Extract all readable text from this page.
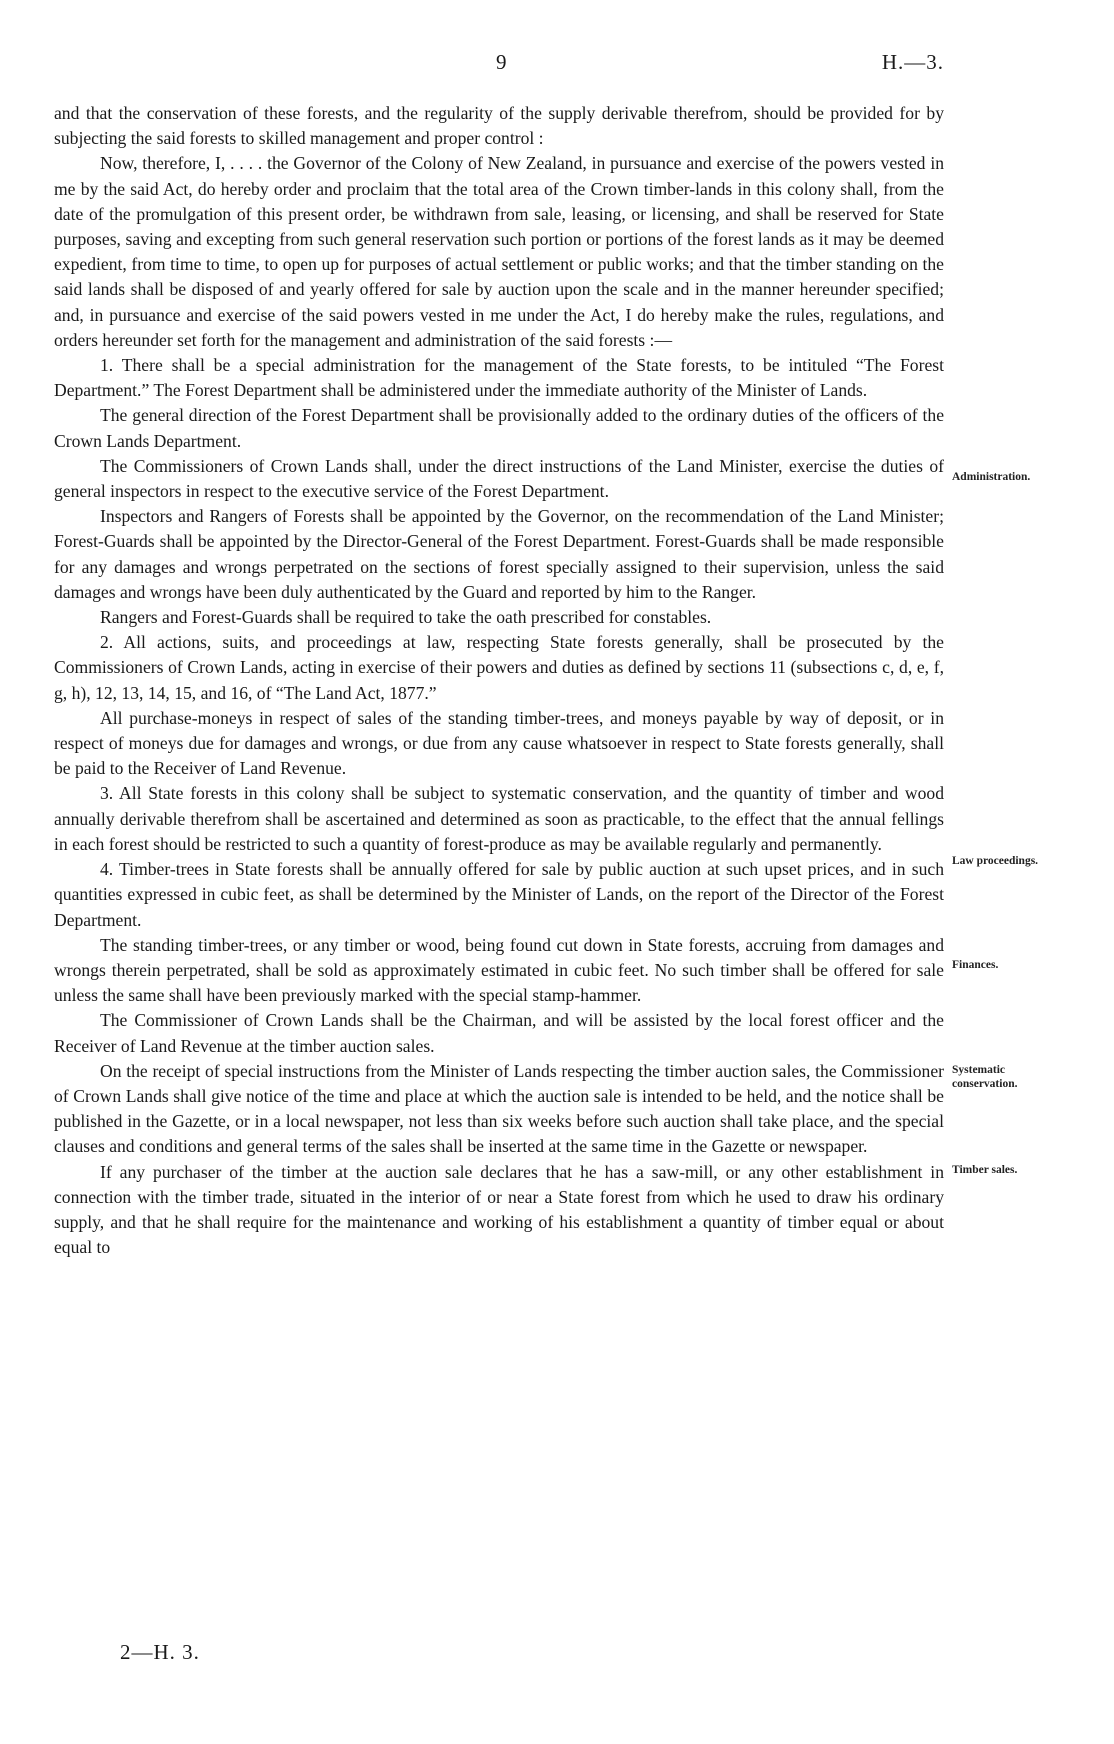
9	H.—3.

and that the conservation of these forests, and the regularity of the supply derivable therefrom, should be provided for by subjecting the said forests to skilled management and proper control :

Now, therefore, I, . . . . the Governor of the Colony of New Zealand, in pursuance and exercise of the powers vested in me by the said Act, do hereby order and proclaim that the total area of the Crown timber-lands in this colony shall, from the date of the promulgation of this present order, be withdrawn from sale, leasing, or licensing, and shall be reserved for State purposes, saving and excepting from such general reservation such portion or portions of the forest lands as it may be deemed expedient, from time to time, to open up for purposes of actual settlement or public works; and that the timber standing on the said lands shall be disposed of and yearly offered for sale by auction upon the scale and in the manner hereunder specified; and, in pursuance and exercise of the said powers vested in me under the Act, I do hereby make the rules, regulations, and orders hereunder set forth for the management and administration of the said forests :—

1. There shall be a special administration for the management of the State forests, to be intituled “The Forest Department.” The Forest Department shall be administered under the immediate authority of the Minister of Lands.

The general direction of the Forest Department shall be provisionally added to the ordinary duties of the officers of the Crown Lands Department.

The Commissioners of Crown Lands shall, under the direct instructions of the Land Minister, exercise the duties of general inspectors in respect to the executive service of the Forest Department.

Inspectors and Rangers of Forests shall be appointed by the Governor, on the recommendation of the Land Minister; Forest-Guards shall be appointed by the Director-General of the Forest Department. Forest-Guards shall be made responsible for any damages and wrongs perpetrated on the sections of forest specially assigned to their supervision, unless the said damages and wrongs have been duly authenticated by the Guard and reported by him to the Ranger.

Rangers and Forest-Guards shall be required to take the oath prescribed for constables.

2. All actions, suits, and proceedings at law, respecting State forests generally, shall be prosecuted by the Commissioners of Crown Lands, acting in exercise of their powers and duties as defined by sections 11 (subsections c, d, e, f, g, h), 12, 13, 14, 15, and 16, of “The Land Act, 1877.”

All purchase-moneys in respect of sales of the standing timber-trees, and moneys payable by way of deposit, or in respect of moneys due for damages and wrongs, or due from any cause whatsoever in respect to State forests generally, shall be paid to the Receiver of Land Revenue.

3. All State forests in this colony shall be subject to systematic conservation, and the quantity of timber and wood annually derivable therefrom shall be ascertained and determined as soon as practicable, to the effect that the annual fellings in each forest should be restricted to such a quantity of forest-produce as may be available regularly and permanently.

4. Timber-trees in State forests shall be annually offered for sale by public auction at such upset prices, and in such quantities expressed in cubic feet, as shall be determined by the Minister of Lands, on the report of the Director of the Forest Department.

The standing timber-trees, or any timber or wood, being found cut down in State forests, accruing from damages and wrongs therein perpetrated, shall be sold as approximately estimated in cubic feet. No such timber shall be offered for sale unless the same shall have been previously marked with the special stamp-hammer.

The Commissioner of Crown Lands shall be the Chairman, and will be assisted by the local forest officer and the Receiver of Land Revenue at the timber auction sales.

On the receipt of special instructions from the Minister of Lands respecting the timber auction sales, the Commissioner of Crown Lands shall give notice of the time and place at which the auction sale is intended to be held, and the notice shall be published in the Gazette, or in a local newspaper, not less than six weeks before such auction shall take place, and the special clauses and conditions and general terms of the sales shall be inserted at the same time in the Gazette or newspaper.

If any purchaser of the timber at the auction sale declares that he has a saw-mill, or any other establishment in connection with the timber trade, situated in the interior of or near a State forest from which he used to draw his ordinary supply, and that he shall require for the maintenance and working of his establishment a quantity of timber equal or about equal to

Administration.
Law proceedings.
Finances.
Systematic conservation.
Timber sales.
2—H. 3.
